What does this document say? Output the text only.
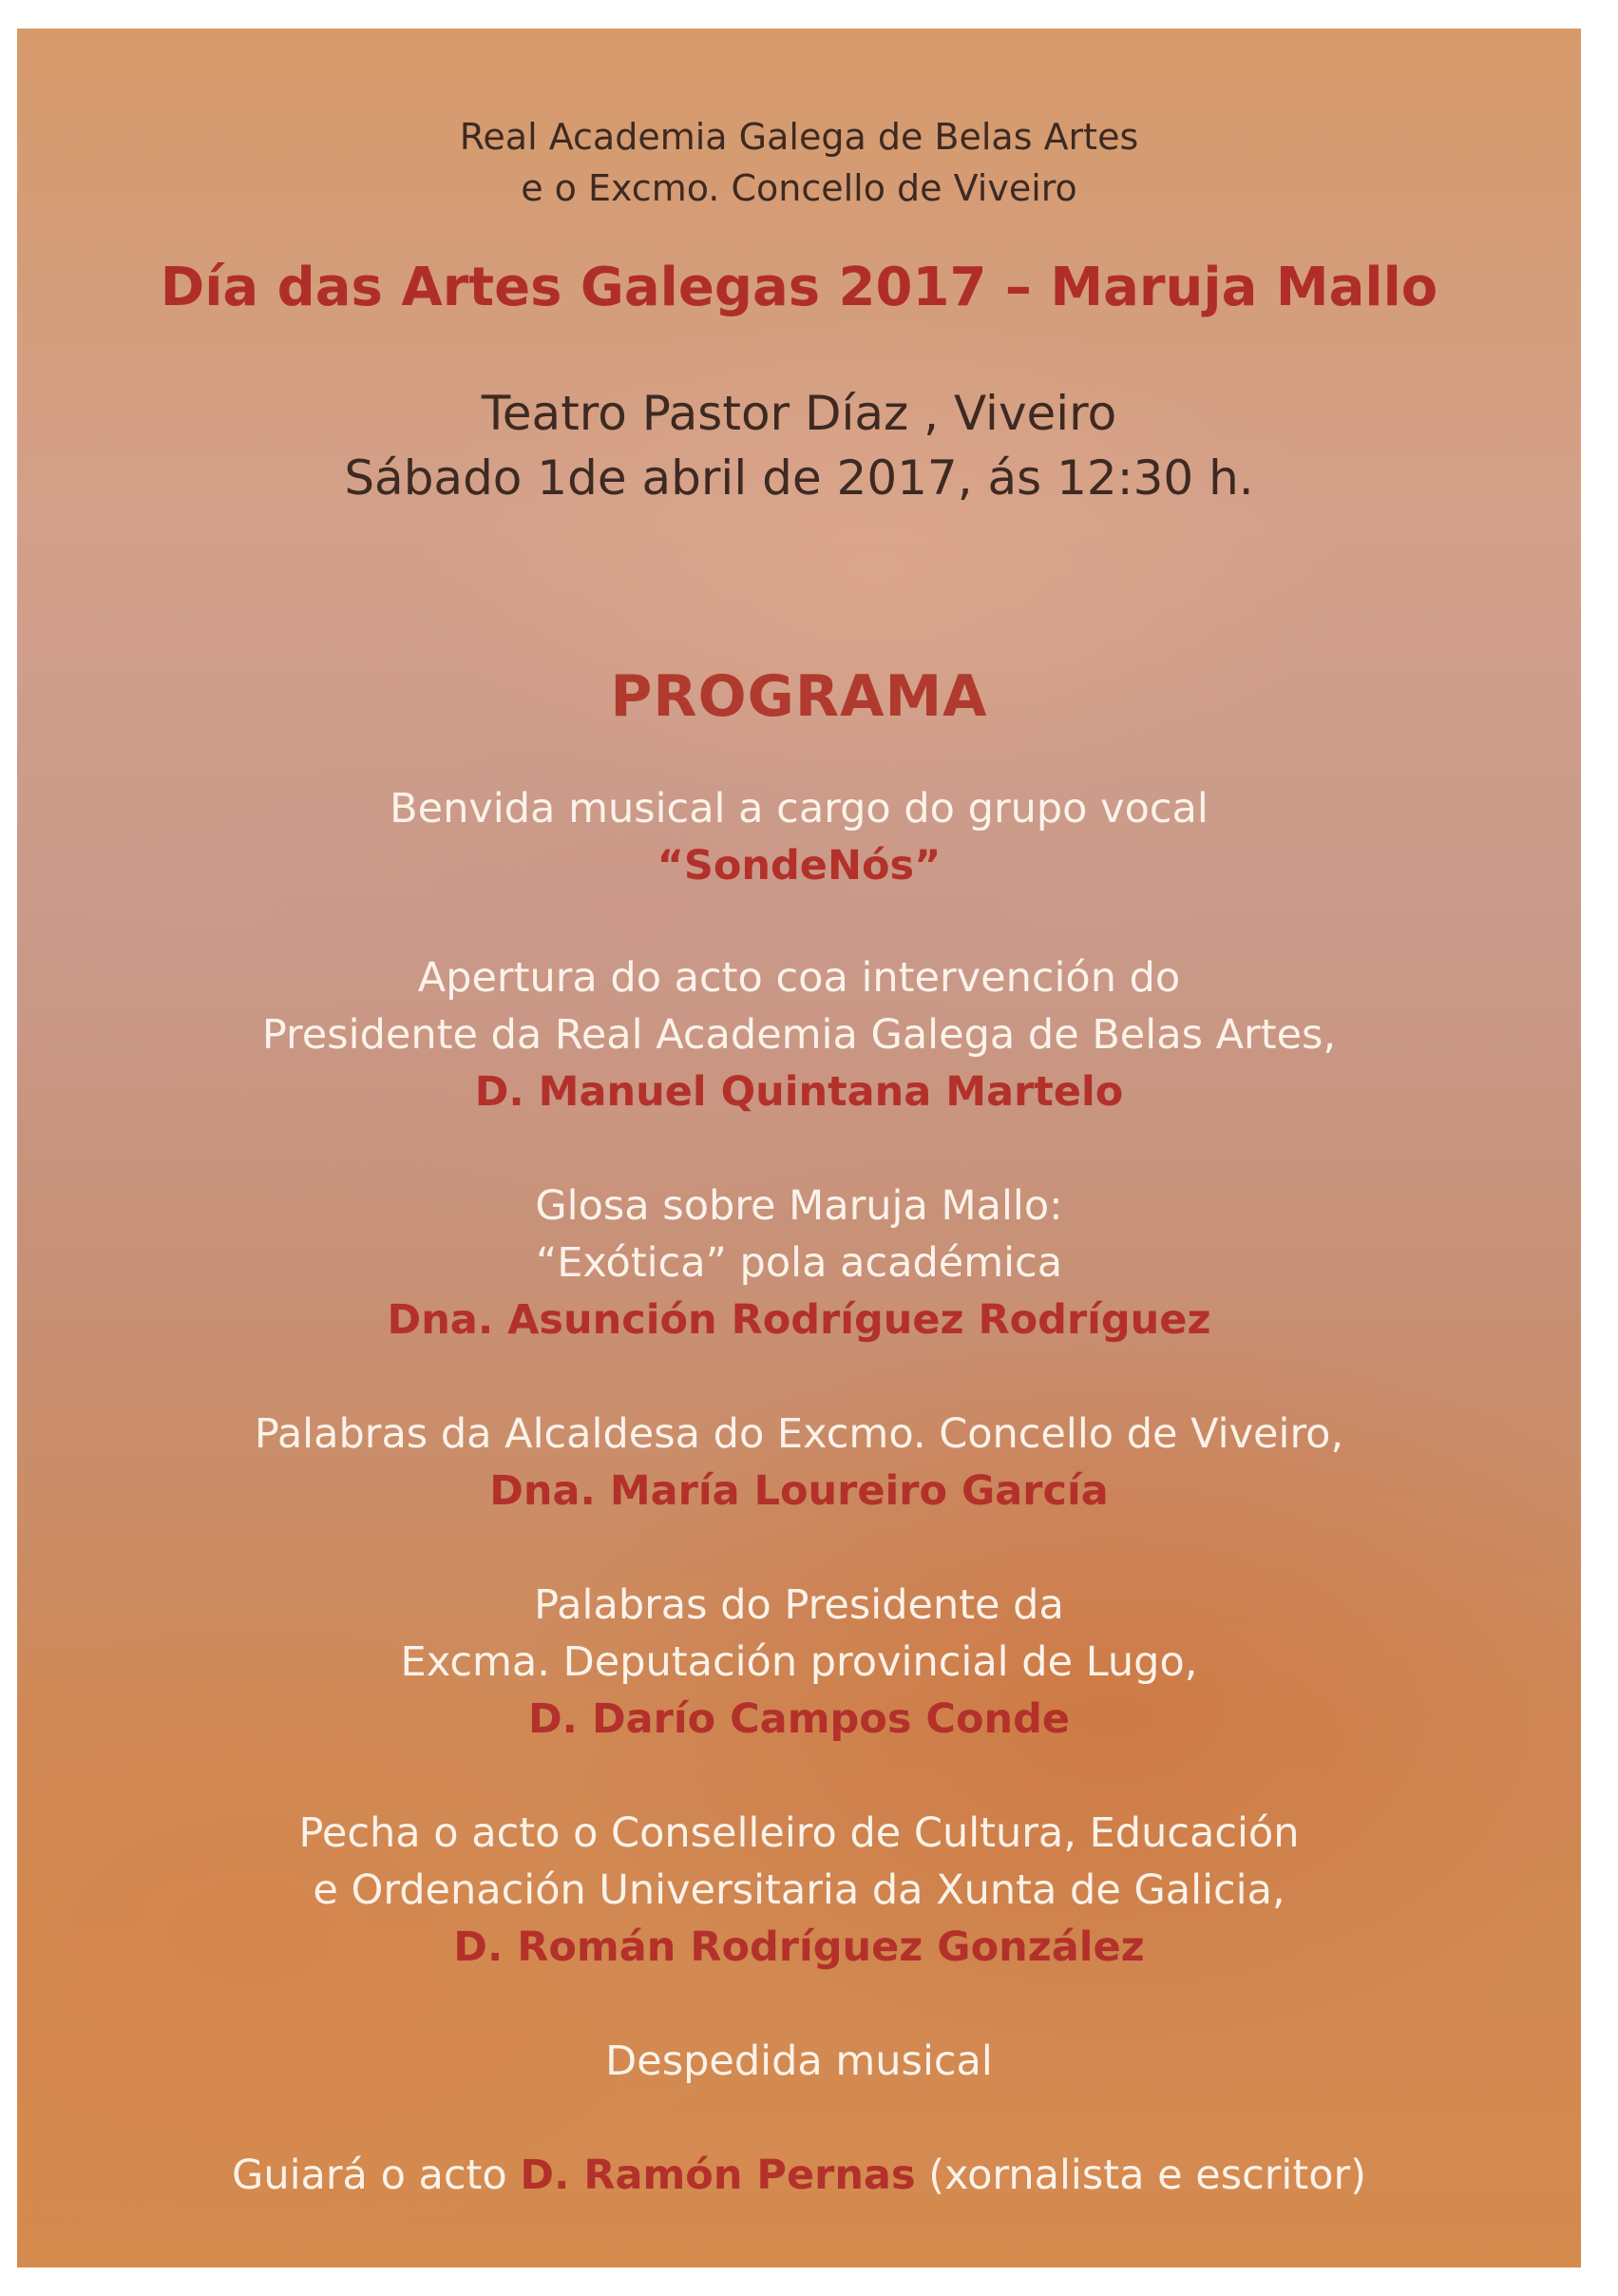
Real Academia Galega de Belas Artes

e o Excmo. Concello de Viveiro

Día das Artes Galegas 2017 – Maruja Mallo

Teatro Pastor Díaz , Viveiro

Sábado 1de abril de 2017, ás 12:30 h.

PROGRAMA

Benvida musical a cargo do grupo vocal

“SondeNós”

Apertura do acto coa intervención do

Presidente da Real Academia Galega de Belas Artes,

D. Manuel Quintana Martelo

Glosa sobre Maruja Mallo:

“Exótica” pola académica

Dna. Asunción Rodríguez Rodríguez

Palabras da Alcaldesa do Excmo. Concello de Viveiro,

Dna. María Loureiro García

Palabras do Presidente da

Excma. Deputación provincial de Lugo,

D. Darío Campos Conde

Pecha o acto o Conselleiro de Cultura, Educación

e Ordenación Universitaria da Xunta de Galicia,

D. Román Rodríguez González

Despedida musical

Guiará o acto D. Ramón Pernas (xornalista e escritor)
